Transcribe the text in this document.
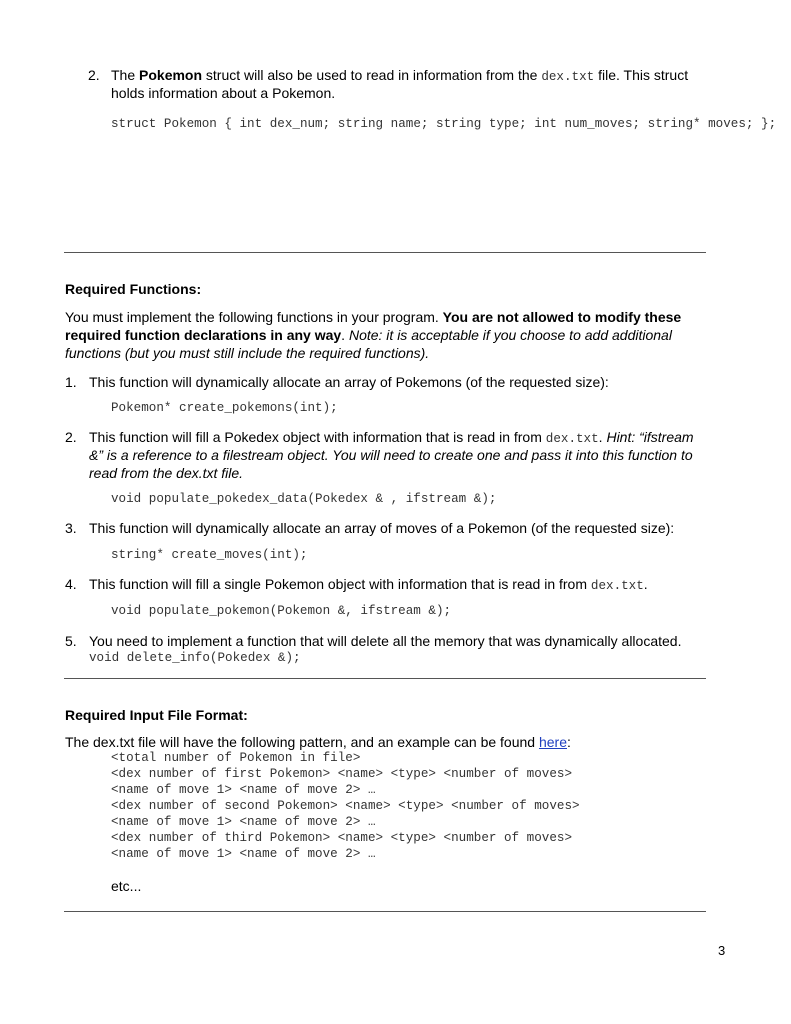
2. The Pokemon struct will also be used to read in information from the dex.txt file. This struct
holds information about a Pokemon.
struct Pokemon { int dex_num; string name; string type; int num_moves; string* moves; };
Required Functions:
You must implement the following functions in your program. You are not allowed to modify these
required function declarations in any way. Note: it is acceptable if you choose to add additional
functions (but you must still include the required functions).
1. This function will dynamically allocate an array of Pokemons (of the requested size):
Pokemon* create_pokemons(int);
2. This function will fill a Pokedex object with information that is read in from dex.txt. Hint: “ifstream
&” is a reference to a filestream object. You will need to create one and pass it into this function to
read from the dex.txt file.
void populate_pokedex_data(Pokedex & , ifstream &);
3. This function will dynamically allocate an array of moves of a Pokemon (of the requested size):
string* create_moves(int);
4. This function will fill a single Pokemon object with information that is read in from dex.txt.
void populate_pokemon(Pokemon &, ifstream &);
5. You need to implement a function that will delete all the memory that was dynamically allocated.
void delete_info(Pokedex &);
Required Input File Format:
The dex.txt file will have the following pattern, and an example can be found here:
<total number of Pokemon in file>
<dex number of first Pokemon> <name> <type> <number of moves>
<name of move 1> <name of move 2> …
<dex number of second Pokemon> <name> <type> <number of moves>
<name of move 1> <name of move 2> …
<dex number of third Pokemon> <name> <type> <number of moves>
<name of move 1> <name of move 2> …
etc...
3
